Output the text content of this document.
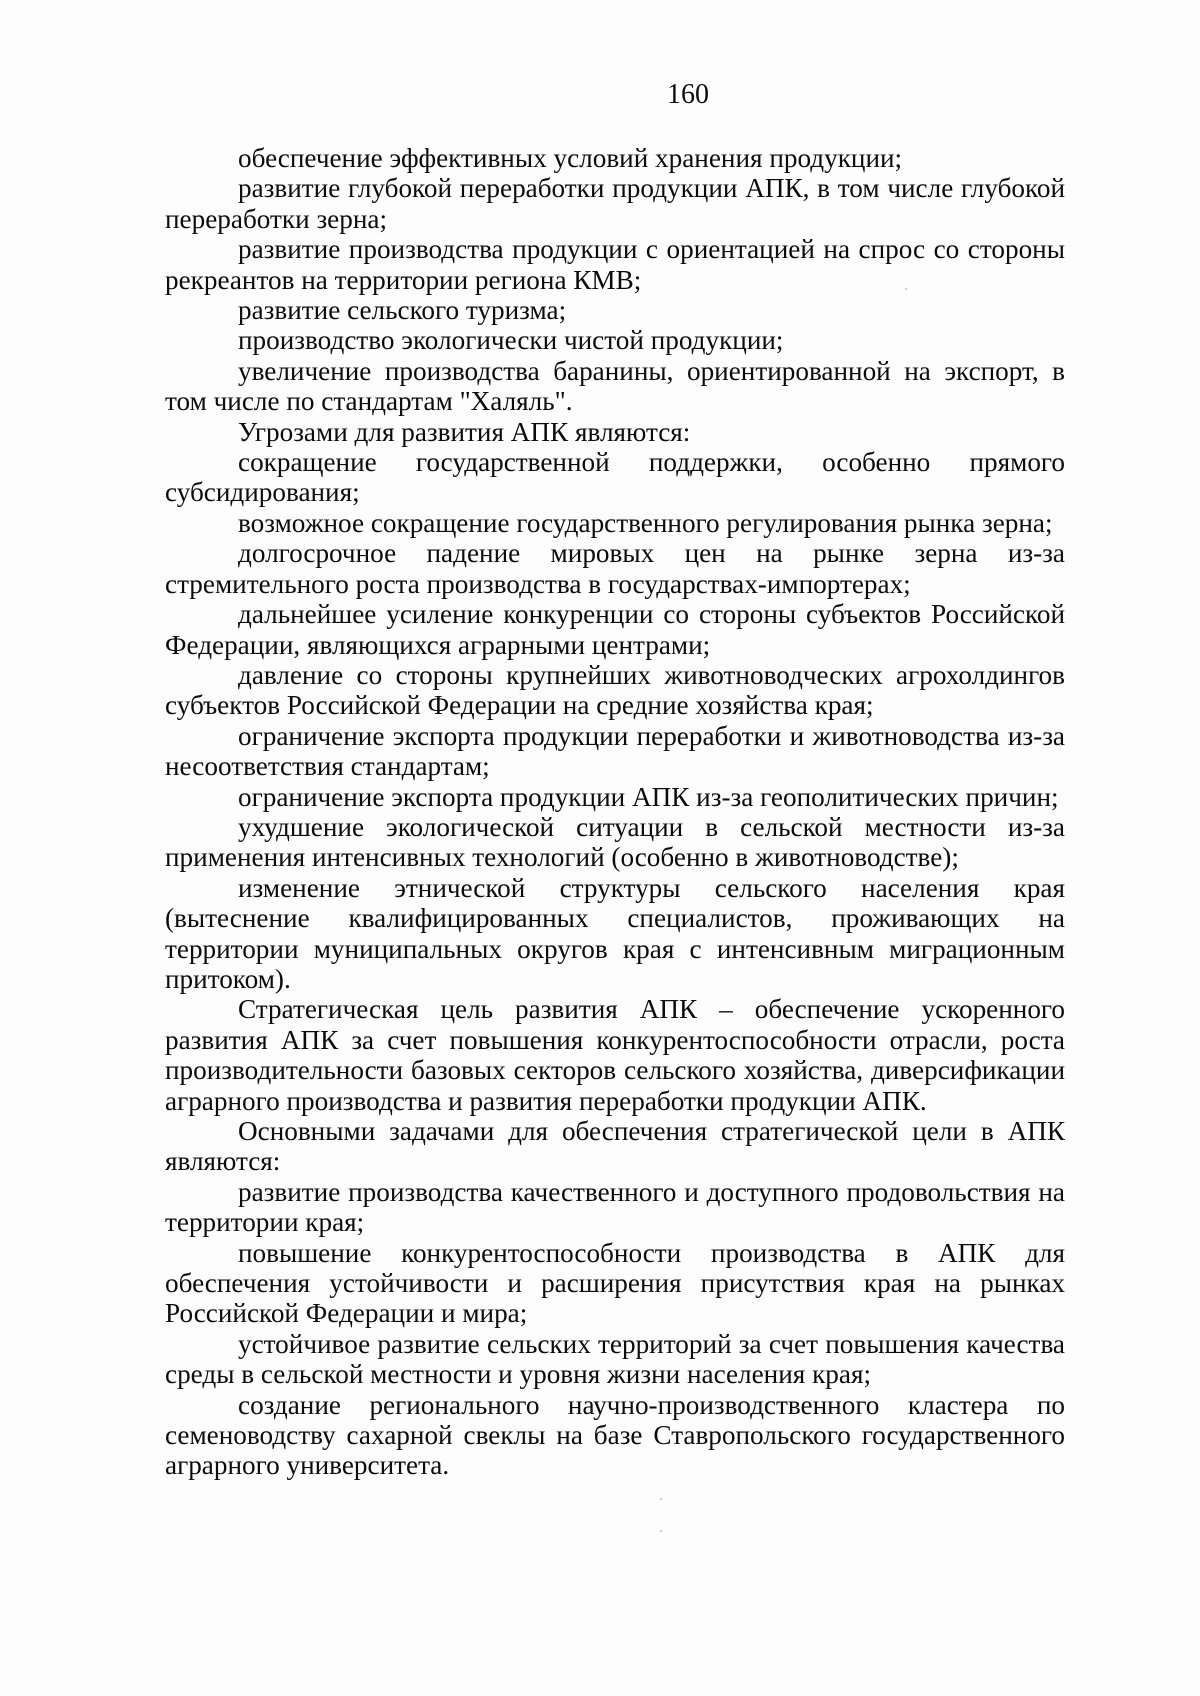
160

обеспечение эффективных условий хранения продукции;

развитие глубокой переработки продукции АПК, в том числе глубокой переработки зерна;

развитие производства продукции с ориентацией на спрос со стороны рекреантов на территории региона КМВ;

развитие сельского туризма;

производство экологически чистой продукции;

увеличение производства баранины, ориентированной на экспорт, в том числе по стандартам "Халяль".

Угрозами для развития АПК являются:

сокращение государственной поддержки, особенно прямого субсидирования;

возможное сокращение государственного регулирования рынка зерна;

долгосрочное падение мировых цен на рынке зерна из-за стремительного роста производства в государствах-импортерах;

дальнейшее усиление конкуренции со стороны субъектов Российской Федерации, являющихся аграрными центрами;

давление со стороны крупнейших животноводческих агрохолдингов субъектов Российской Федерации на средние хозяйства края;

ограничение экспорта продукции переработки и животноводства из-за несоответствия стандартам;

ограничение экспорта продукции АПК из-за геополитических причин;

ухудшение экологической ситуации в сельской местности из-за применения интенсивных технологий (особенно в животноводстве);

изменение этнической структуры сельского населения края (вытеснение квалифицированных специалистов, проживающих на территории муниципальных округов края с интенсивным миграционным притоком).

Стратегическая цель развития АПК – обеспечение ускоренного развития АПК за счет повышения конкурентоспособности отрасли, роста производительности базовых секторов сельского хозяйства, диверсификации аграрного производства и развития переработки продукции АПК.

Основными задачами для обеспечения стратегической цели в АПК являются:

развитие производства качественного и доступного продовольствия на территории края;

повышение конкурентоспособности производства в АПК для обеспечения устойчивости и расширения присутствия края на рынках Российской Федерации и мира;

устойчивое развитие сельских территорий за счет повышения качества среды в сельской местности и уровня жизни населения края;

создание регионального научно-производственного кластера по семеноводству сахарной свеклы на базе Ставропольского государственного аграрного университета.
